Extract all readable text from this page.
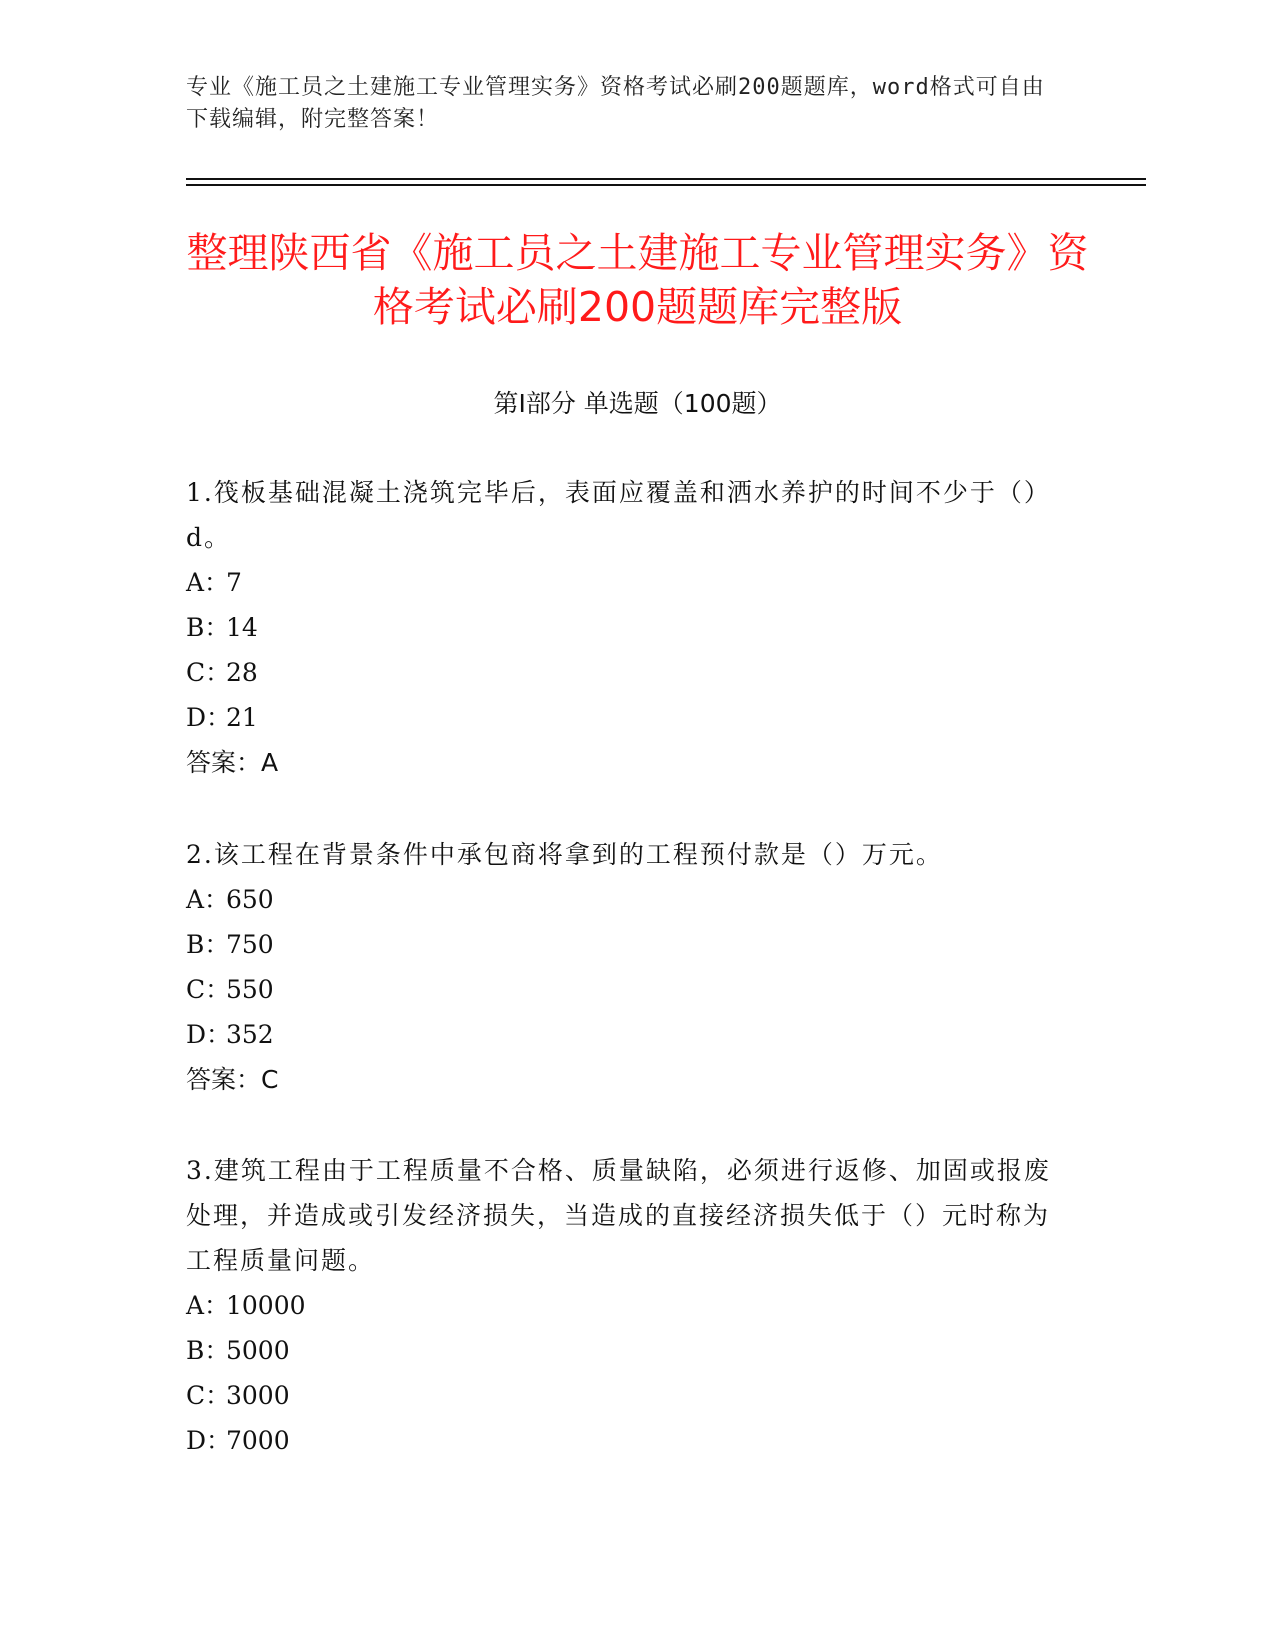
专业《施工员之土建施工专业管理实务》资格考试必刷200题题库，word格式可自由下载编辑，附完整答案！
整理陕西省《施工员之土建施工专业管理实务》资格考试必刷200题题库完整版
第Ⅰ部分 单选题（100题）
1.筏板基础混凝土浇筑完毕后，表面应覆盖和洒水养护的时间不少于（）d。
A：7
B：14
C：28
D：21
答案：A
2.该工程在背景条件中承包商将拿到的工程预付款是（）万元。
A：650
B：750
C：550
D：352
答案：C
3.建筑工程由于工程质量不合格、质量缺陷，必须进行返修、加固或报废处理，并造成或引发经济损失，当造成的直接经济损失低于（）元时称为工程质量问题。
A：10000
B：5000
C：3000
D：7000
